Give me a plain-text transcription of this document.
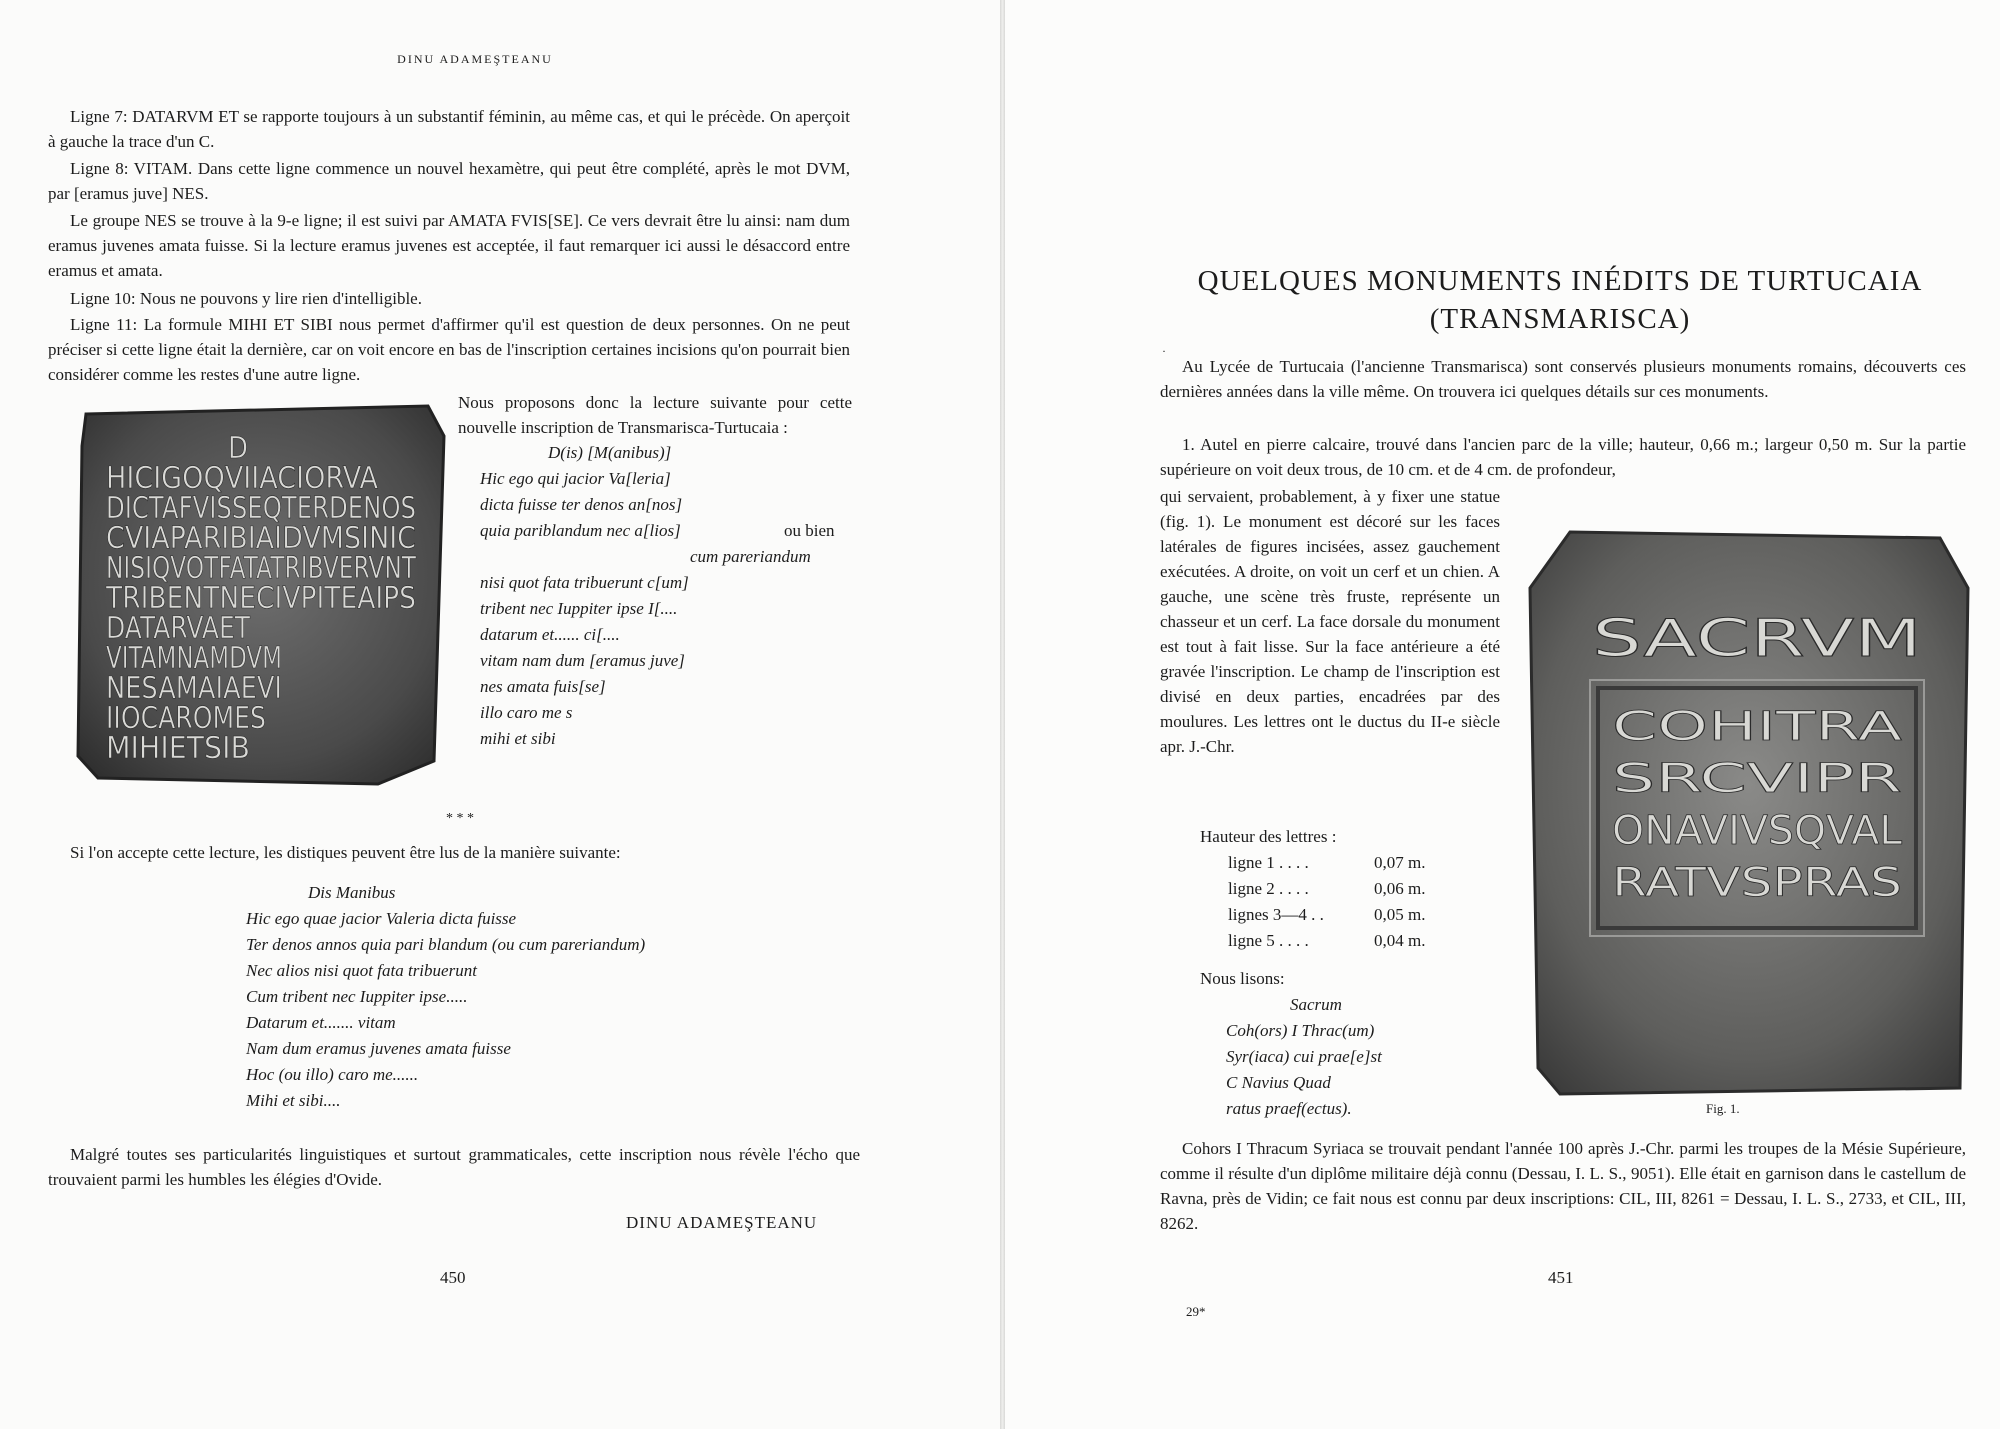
DINU ADAMEŞTEANU

Ligne 7: DATARVM ET se rapporte toujours à un substantif féminin, au même cas, et qui le précède. On aperçoit à gauche la trace d'un C.

Ligne 8: VITAM. Dans cette ligne commence un nouvel hexamètre, qui peut être complété, après le mot DVM, par [eramus juve] NES.

Le groupe NES se trouve à la 9-e ligne; il est suivi par AMATA FVIS[SE]. Ce vers devrait être lu ainsi: nam dum eramus juvenes amata fuisse. Si la lecture eramus juvenes est acceptée, il faut remarquer ici aussi le désaccord entre eramus et amata.

Ligne 10: Nous ne pouvons y lire rien d'intelligible.

Ligne 11: La formule MIHI ET SIBI nous permet d'affirmer qu'il est question de deux personnes. On ne peut préciser si cette ligne était la dernière, car on voit encore en bas de l'inscription certaines incisions qu'on pourrait bien considérer comme les restes d'une autre ligne.

D
HICIGOQVIIACIORVA
DICTAFVISSEQTERDENOS
CVIAPARIBIAIDVMSINIC
NISIQVOTFATATRIBVERVNT
TRIBENTNECIVPITEAIPS
DATARVAET
VITAMNAMDVM
NESAMAIAEVI
IIOCAROMES
MIHIETSIB

Nous proposons donc la lecture suivante pour cette nouvelle inscription de Transmarisca-Turtucaia :

D(is) [M(anibus)]
Hic ego qui jacior Va[leria]
dicta fuisse ter denos an[nos]
quia pariblandum nec a[lios]	ou bien
cum pareriandum
nisi quot fata tribuerunt c[um]
tribent nec Iuppiter ipse I[....
datarum et...... ci[....
vitam nam dum [eramus juve]
nes amata fuis[se]
illo caro me s
mihi et sibi
* * *

Si l'on accepte cette lecture, les distiques peuvent être lus de la manière suivante:

Dis Manibus
Hic ego quae jacior Valeria dicta fuisse
Ter denos annos quia pari blandum (ou cum pareriandum)
Nec alios nisi quot fata tribuerunt
Cum tribent nec Iuppiter ipse.....
Datarum et....... vitam
Nam dum eramus juvenes amata fuisse
Hoc (ou illo) caro me......
Mihi et sibi....

Malgré toutes ses particularités linguistiques et surtout grammaticales, cette inscription nous révèle l'écho que trouvaient parmi les humbles les élégies d'Ovide.

DINU ADAMEŞTEANU
450
QUELQUES MONUMENTS INÉDITS DE TURTUCAIA
(TRANSMARISCA)
·

Au Lycée de Turtucaia (l'ancienne Transmarisca) sont conservés plusieurs monuments romains, découverts ces dernières années dans la ville même. On trouvera ici quelques détails sur ces monuments.

1. Autel en pierre calcaire, trouvé dans l'ancien parc de la ville; hauteur, 0,66 m.; largeur 0,50 m. Sur la partie supérieure on voit deux trous, de 10 cm. et de 4 cm. de profondeur,

qui servaient, probablement, à y fixer une statue (fig. 1). Le monument est décoré sur les faces latérales de figures incisées, assez gauchement exécutées. A droite, on voit un cerf et un chien. A gauche, une scène très fruste, représente un chasseur et un cerf. La face dorsale du monument est tout à fait lisse. Sur la face antérieure a été gravée l'inscription. Le champ de l'inscription est divisé en deux parties, encadrées par des moulures. Les lettres ont le ductus du II-e siècle apr. J.-Chr.

Hauteur des lettres :
ligne 1 . . . .	0,07 m.
ligne 2 . . . .	0,06 m.
lignes 3—4 . .	0,05 m.
ligne 5 . . . .	0,04 m.
Nous lisons:
Sacrum
Coh(ors) I Thrac(um)
Syr(iaca) cui prae[e]st
C Navius Quad
ratus praef(ectus).
SACRVM
COHITRA
SRCVIPR
ONAVIVSQVAL
RATVSPRAS
Fig. 1.

Cohors I Thracum Syriaca se trouvait pendant l'année 100 après J.-Chr. parmi les troupes de la Mésie Supérieure, comme il résulte d'un diplôme militaire déjà connu (Dessau, I. L. S., 9051). Elle était en garnison dans le castellum de Ravna, près de Vidin; ce fait nous est connu par deux inscriptions: CIL, III, 8261 = Dessau, I. L. S., 2733, et CIL, III, 8262.

451
29*
